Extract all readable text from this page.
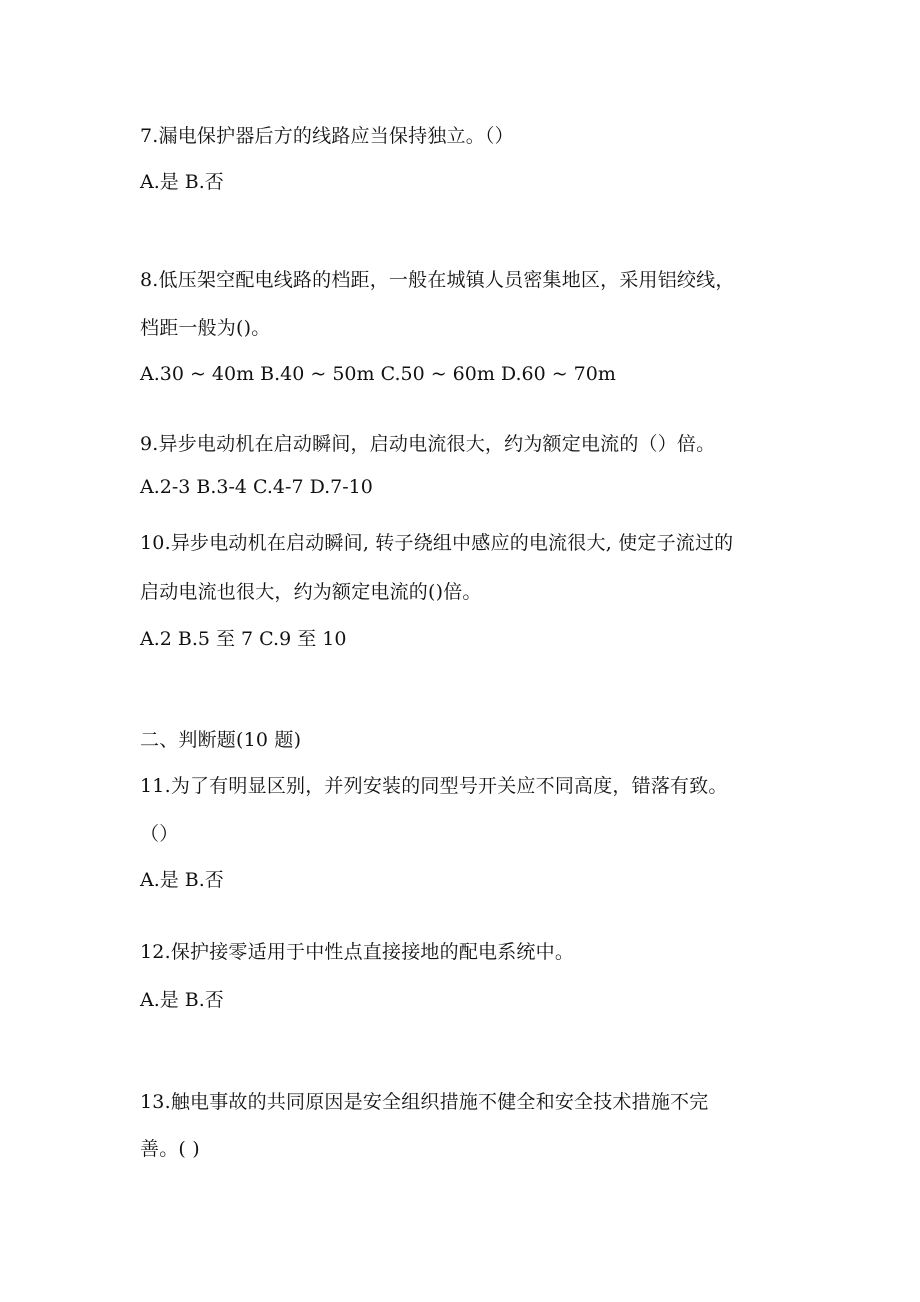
7.漏电保护器后方的线路应当保持独立。（）
A.是 B.否
8.低压架空配电线路的档距，一般在城镇人员密集地区，采用铝绞线，
档距一般为()。
A.30 ~ 40m B.40 ~ 50m C.50 ~ 60m D.60 ~ 70m
9.异步电动机在启动瞬间，启动电流很大，约为额定电流的（）倍。
A.2-3 B.3-4 C.4-7 D.7-10
10.异步电动机在启动瞬间, 转子绕组中感应的电流很大, 使定子流过的
启动电流也很大，约为额定电流的()倍。
A.2 B.5 至 7 C.9 至 10
二、判断题(10 题)
11.为了有明显区别，并列安装的同型号开关应不同高度，错落有致。
（）
A.是 B.否
12.保护接零适用于中性点直接接地的配电系统中。
A.是 B.否
13.触电事故的共同原因是安全组织措施不健全和安全技术措施不完
善。( )
